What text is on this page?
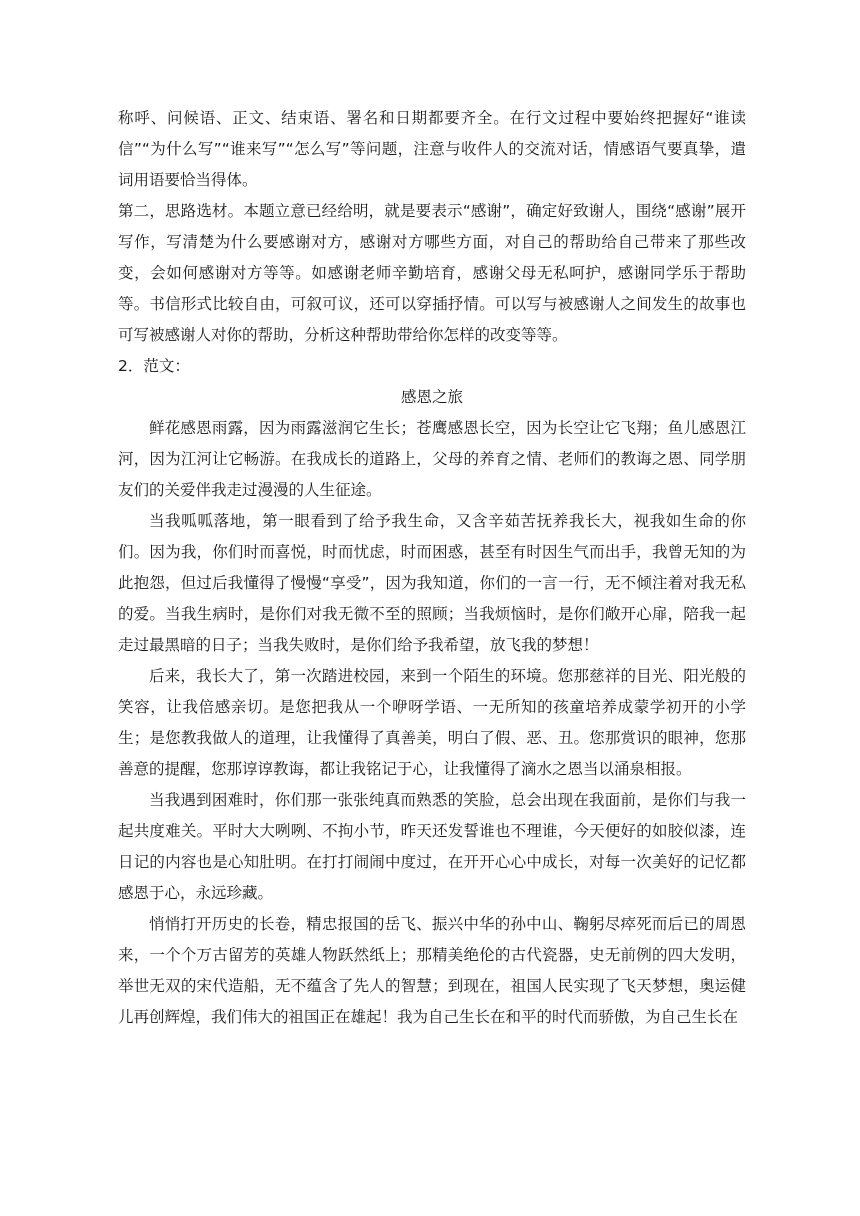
称呼、问候语、正文、结束语、署名和日期都要齐全。在行文过程中要始终把握好“谁读信”“为什么写”“谁来写”“怎么写”等问题，注意与收件人的交流对话，情感语气要真挚，遣词用语要恰当得体。

第二，思路选材。本题立意已经给明，就是要表示“感谢”，确定好致谢人，围绕“感谢”展开写作，写清楚为什么要感谢对方，感谢对方哪些方面，对自己的帮助给自己带来了那些改变，会如何感谢对方等等。如感谢老师辛勤培育，感谢父母无私呵护，感谢同学乐于帮助等。书信形式比较自由，可叙可议，还可以穿插抒情。可以写与被感谢人之间发生的故事也可写被感谢人对你的帮助，分析这种帮助带给你怎样的改变等等。

2．范文：

感恩之旅

鲜花感恩雨露，因为雨露滋润它生长；苍鹰感恩长空，因为长空让它飞翔；鱼儿感恩江河，因为江河让它畅游。在我成长的道路上，父母的养育之情、老师们的教诲之恩、同学朋友们的关爱伴我走过漫漫的人生征途。

当我呱呱落地，第一眼看到了给予我生命，又含辛茹苦抚养我长大，视我如生命的你们。因为我，你们时而喜悦，时而忧虑，时而困惑，甚至有时因生气而出手，我曾无知的为此抱怨，但过后我懂得了慢慢“享受”，因为我知道，你们的一言一行，无不倾注着对我无私的爱。当我生病时，是你们对我无微不至的照顾；当我烦恼时，是你们敞开心扉，陪我一起走过最黑暗的日子；当我失败时，是你们给予我希望，放飞我的梦想！

后来，我长大了，第一次踏进校园，来到一个陌生的环境。您那慈祥的目光、阳光般的笑容，让我倍感亲切。是您把我从一个咿呀学语、一无所知的孩童培养成蒙学初开的小学生；是您教我做人的道理，让我懂得了真善美，明白了假、恶、丑。您那赏识的眼神，您那善意的提醒，您那谆谆教诲，都让我铭记于心，让我懂得了滴水之恩当以涌泉相报。

当我遇到困难时，你们那一张张纯真而熟悉的笑脸，总会出现在我面前，是你们与我一起共度难关。平时大大咧咧、不拘小节，昨天还发誓谁也不理谁，今天便好的如胶似漆，连日记的内容也是心知肚明。在打打闹闹中度过，在开开心心中成长，对每一次美好的记忆都感恩于心，永远珍藏。

悄悄打开历史的长卷，精忠报国的岳飞、振兴中华的孙中山、鞠躬尽瘁死而后已的周恩来，一个个万古留芳的英雄人物跃然纸上；那精美绝伦的古代瓷器，史无前例的四大发明，举世无双的宋代造船，无不蕴含了先人的智慧；到现在，祖国人民实现了飞天梦想，奥运健儿再创辉煌，我们伟大的祖国正在雄起！我为自己生长在和平的时代而骄傲，为自己生长在
